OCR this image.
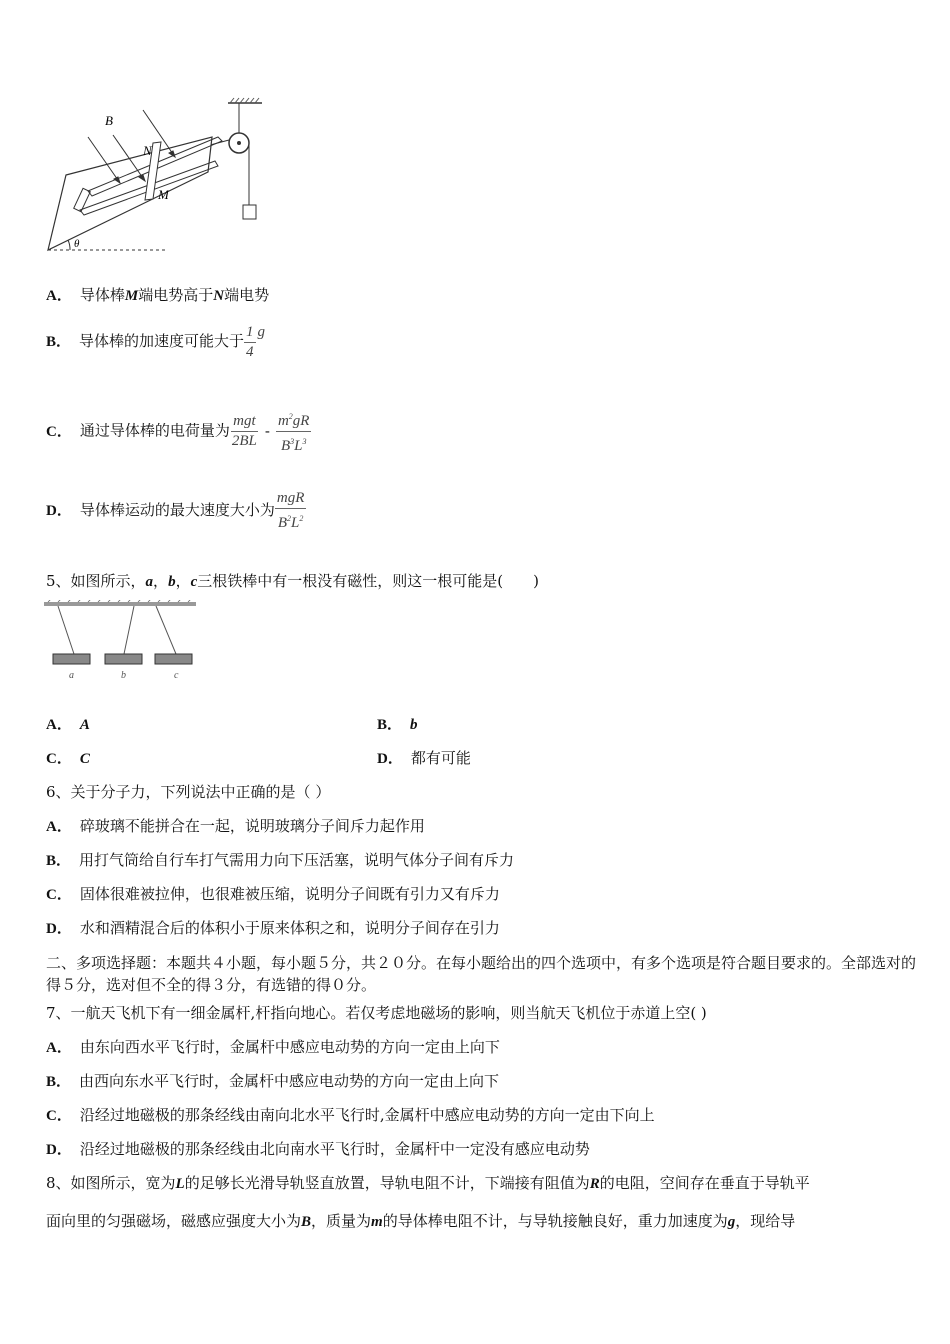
B
N
M
θ
A． 导体棒M端电势高于N端电势
B． 导体棒的加速度可能大于 $\frac{1}{4}$ g
C． 通过导体棒的电荷量为 $\frac{\text{mgt}}{2BL} - \frac{m^2gR}{B^3L^3}$
D． 导体棒运动的最大速度大小为 $\frac{\text{mgR}}{B^2L^2}$
5、如图所示，a，b，c三根铁棒中有一根没有磁性，则这一根可能是(　　)
a	b	c
A． A	B． b
C． C	D． 都有可能
6、关于分子力，下列说法中正确的是（ ）
A． 碎玻璃不能拼合在一起，说明玻璃分子间斥力起作用
B． 用打气筒给自行车打气需用力向下压活塞，说明气体分子间有斥力
C． 固体很难被拉伸，也很难被压缩，说明分子间既有引力又有斥力
D． 水和酒精混合后的体积小于原来体积之和，说明分子间存在引力
二、多项选择题：本题共４小题，每小题５分，共２０分。在每小题给出的四个选项中，有多个选项是符合题目要求的。全部选对的得５分，选对但不全的得３分，有选错的得０分。
7、一航天飞机下有一细金属杆,杆指向地心。若仅考虑地磁场的影响，则当航天飞机位于赤道上空( )
A． 由东向西水平飞行时，金属杆中感应电动势的方向一定由上向下
B． 由西向东水平飞行时，金属杆中感应电动势的方向一定由上向下
C． 沿经过地磁极的那条经线由南向北水平飞行时,金属杆中感应电动势的方向一定由下向上
D． 沿经过地磁极的那条经线由北向南水平飞行时，金属杆中一定没有感应电动势
8、如图所示，宽为L的足够长光滑导轨竖直放置，导轨电阻不计，下端接有阻值为R的电阻，空间存在垂直于导轨平
面向里的匀强磁场，磁感应强度大小为B，质量为m的导体棒电阻不计，与导轨接触良好，重力加速度为g，现给导
